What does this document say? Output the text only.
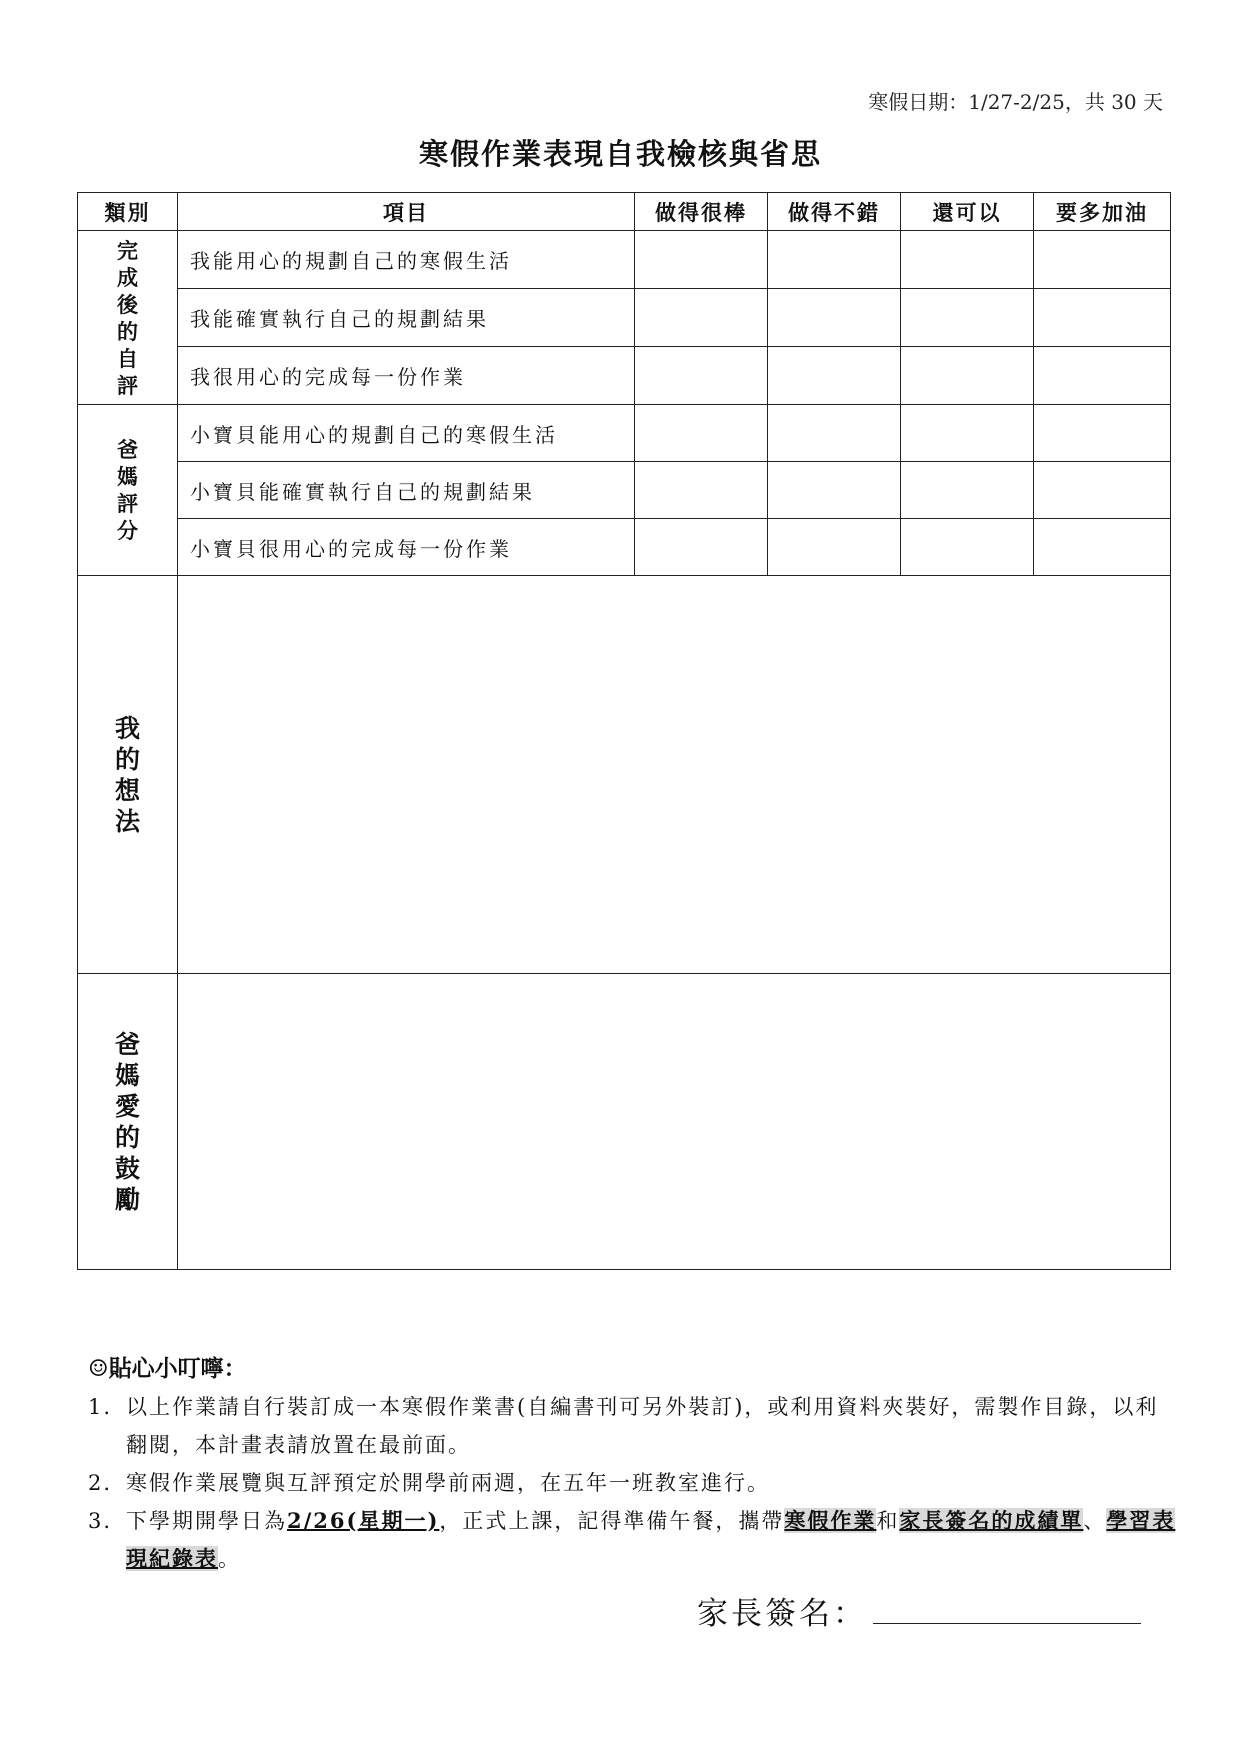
寒假日期：1/27-2/25，共 30 天
寒假作業表現自我檢核與省思
類別	項目	做得很棒	做得不錯	還可以	要多加油
完成後的自評	我能用心的規劃自己的寒假生活				
	我能確實執行自己的規劃結果				
	我很用心的完成每一份作業				
爸媽評分	小寶貝能用心的規劃自己的寒假生活				
	小寶貝能確實執行自己的規劃結果				
	小寶貝很用心的完成每一份作業				
我的想法					
爸媽愛的鼓勵					
☺貼心小叮嚀：
1. 以上作業請自行裝訂成一本寒假作業書(自編書刊可另外裝訂)，或利用資料夾裝好，需製作目錄，以利翻閱，本計畫表請放置在最前面。
2. 寒假作業展覽與互評預定於開學前兩週，在五年一班教室進行。
3. 下學期開學日為2/26(星期一)，正式上課，記得準備午餐，攜帶寒假作業和家長簽名的成績單、學習表現紀錄表。
家長簽名：
